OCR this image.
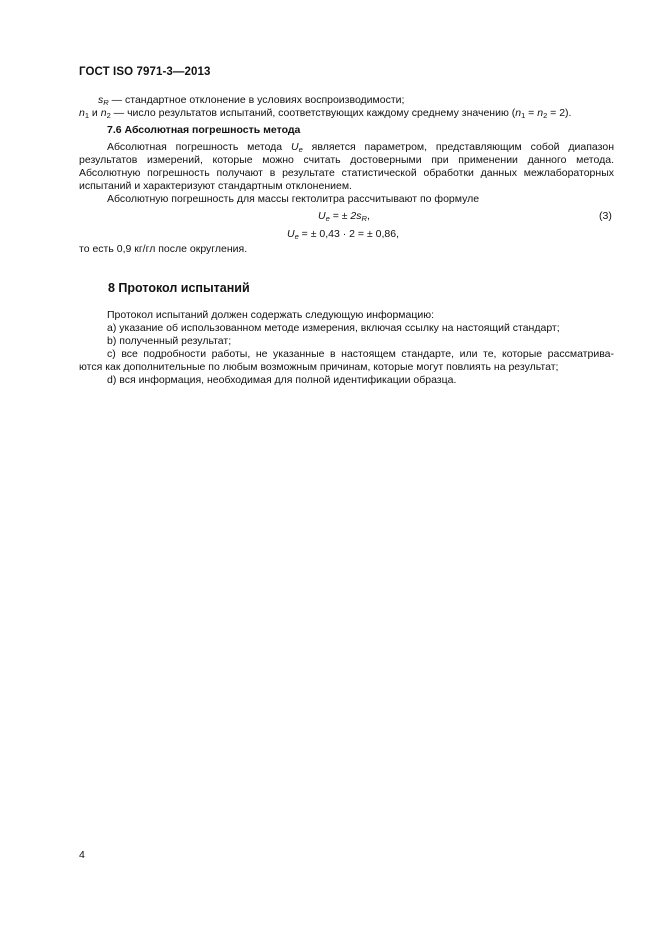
ГОСТ ISO 7971-3—2013
$s_R$ — стандартное отклонение в условиях воспроизводимости;
$n_1$ и $n_2$ — число результатов испытаний, соответствующих каждому среднему значению $(n_1 = n_2 = 2)$.
7.6 Абсолютная погрешность метода
Абсолютная погрешность метода $U_e$ является параметром, представляющим собой диапазон
результатов измерений, которые можно считать достоверными при применении данного метода.
Абсолютную погрешность получают в результате статистической обработки данных межлабораторных
испытаний и характеризуют стандартным отклонением.
Абсолютную погрешность для массы гектолитра рассчитывают по формуле
$U_e$ = ± $2s_R$,	(3)
$U_e$ = ± 0,43 · 2 = ± 0,86,
то есть 0,9 кг/гл после округления.
8 Протокол испытаний
Протокол испытаний должен содержать следующую информацию:
a) указание об использованном методе измерения, включая ссылку на настоящий стандарт;
b) полученный результат;
c) все подробности работы, не указанные в настоящем стандарте, или те, которые рассматрива-
ются как дополнительные по любым возможным причинам, которые могут повлиять на результат;
d) вся информация, необходимая для полной идентификации образца.
4
